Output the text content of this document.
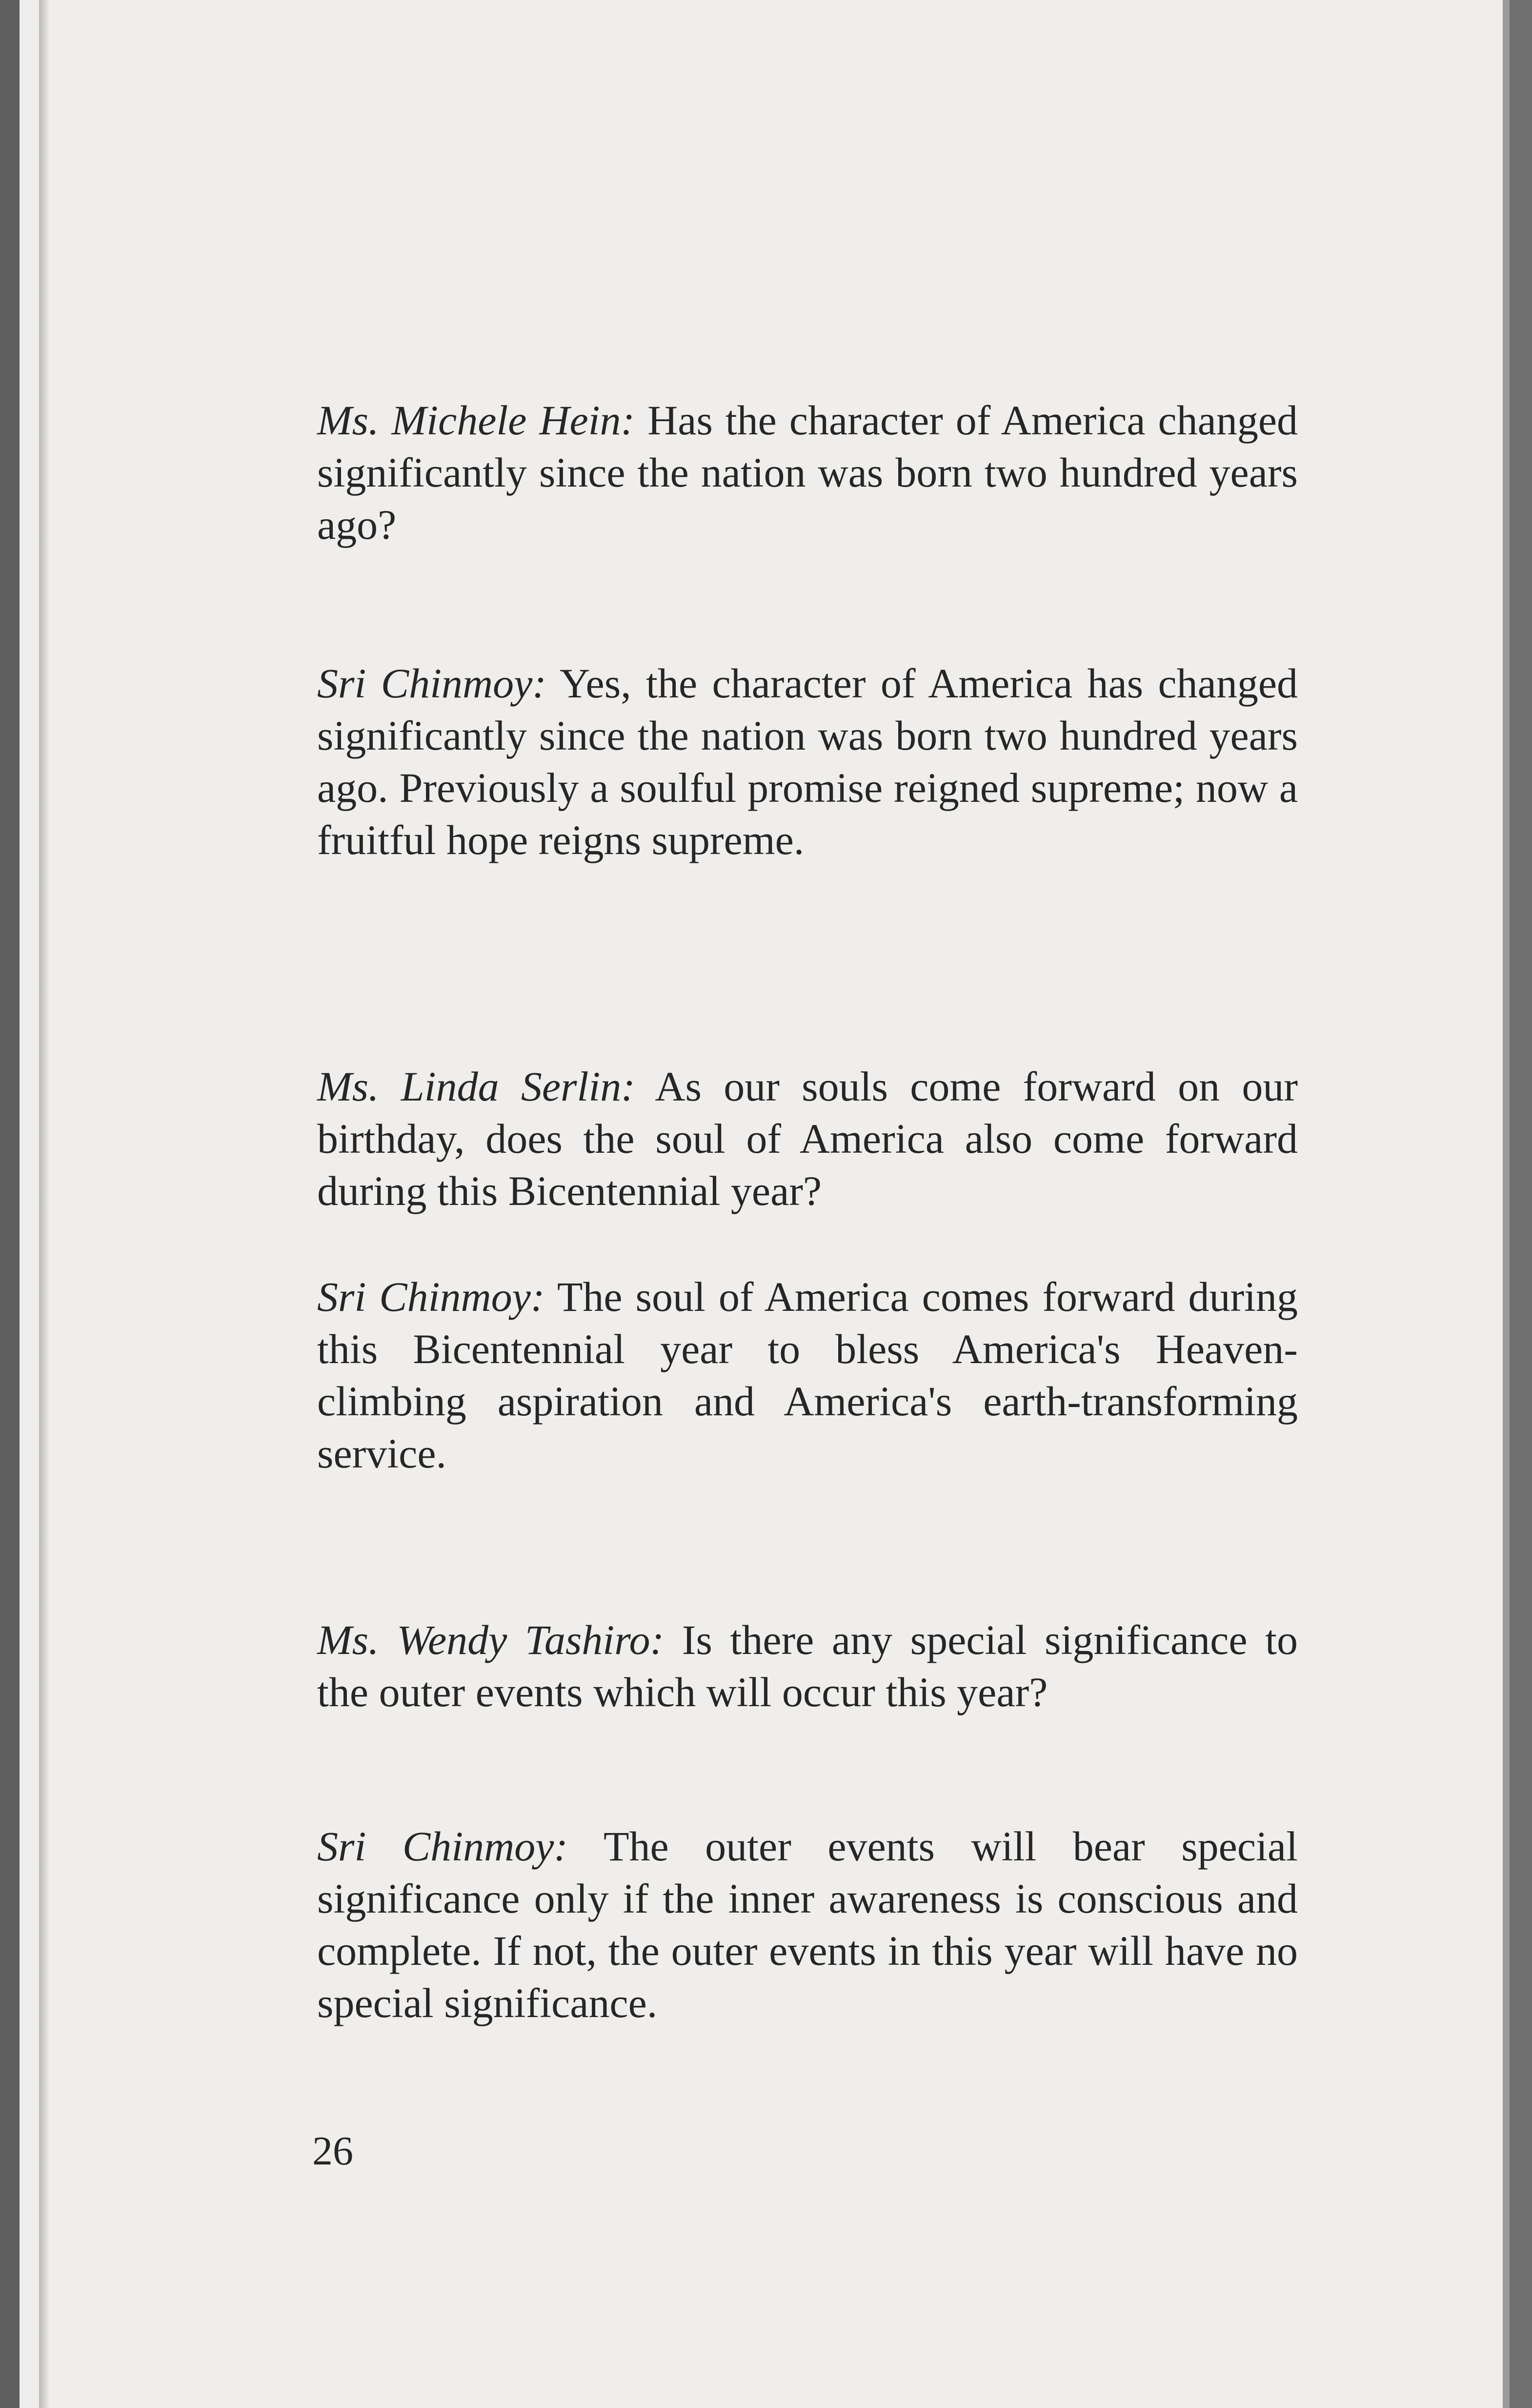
Ms. Michele Hein: Has the character of America changed significantly since the nation was born two hundred years ago?
Sri Chinmoy: Yes, the character of America has changed significantly since the nation was born two hundred years ago. Previously a soulful promise reigned supreme; now a fruitful hope reigns supreme.
Ms. Linda Serlin: As our souls come forward on our birthday, does the soul of America also come forward during this Bicentennial year?
Sri Chinmoy: The soul of America comes forward during this Bicentennial year to bless America's Heaven-climbing aspiration and America's earth-transforming service.
Ms. Wendy Tashiro: Is there any special significance to the outer events which will occur this year?
Sri Chinmoy: The outer events will bear special significance only if the inner awareness is conscious and complete. If not, the outer events in this year will have no special significance.
26
